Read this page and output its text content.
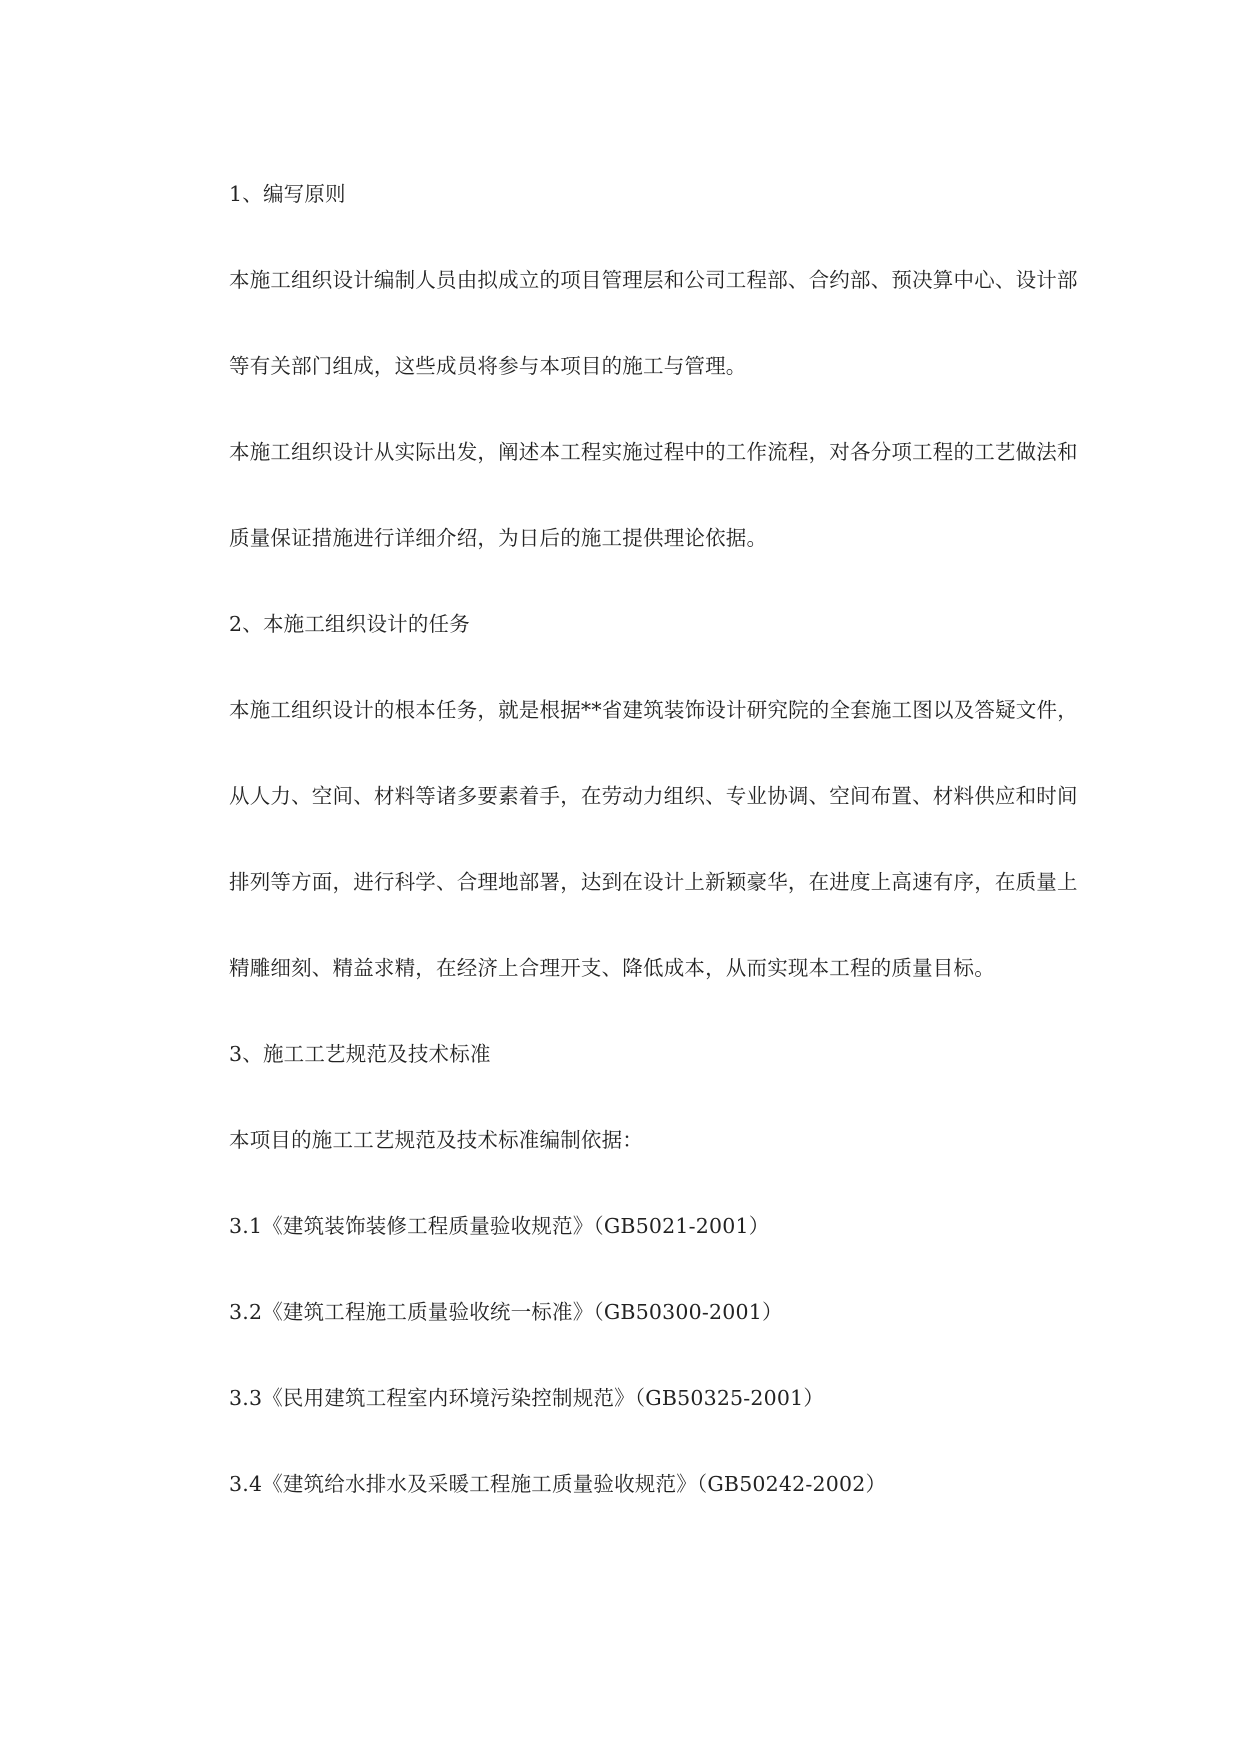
1、编写原则
本施工组织设计编制人员由拟成立的项目管理层和公司工程部、合约部、预决算中心、设计部
等有关部门组成，这些成员将参与本项目的施工与管理。
本施工组织设计从实际出发，阐述本工程实施过程中的工作流程，对各分项工程的工艺做法和
质量保证措施进行详细介绍，为日后的施工提供理论依据。
2、本施工组织设计的任务
本施工组织设计的根本任务，就是根据**省建筑装饰设计研究院的全套施工图以及答疑文件，
从人力、空间、材料等诸多要素着手，在劳动力组织、专业协调、空间布置、材料供应和时间
排列等方面，进行科学、合理地部署，达到在设计上新颖豪华，在进度上高速有序，在质量上
精雕细刻、精益求精，在经济上合理开支、降低成本，从而实现本工程的质量目标。
3、施工工艺规范及技术标准
本项目的施工工艺规范及技术标准编制依据：
3.1《建筑装饰装修工程质量验收规范》（GB5021-2001）
3.2《建筑工程施工质量验收统一标准》（GB50300-2001）
3.3《民用建筑工程室内环境污染控制规范》（GB50325-2001）
3.4《建筑给水排水及采暖工程施工质量验收规范》（GB50242-2002）
